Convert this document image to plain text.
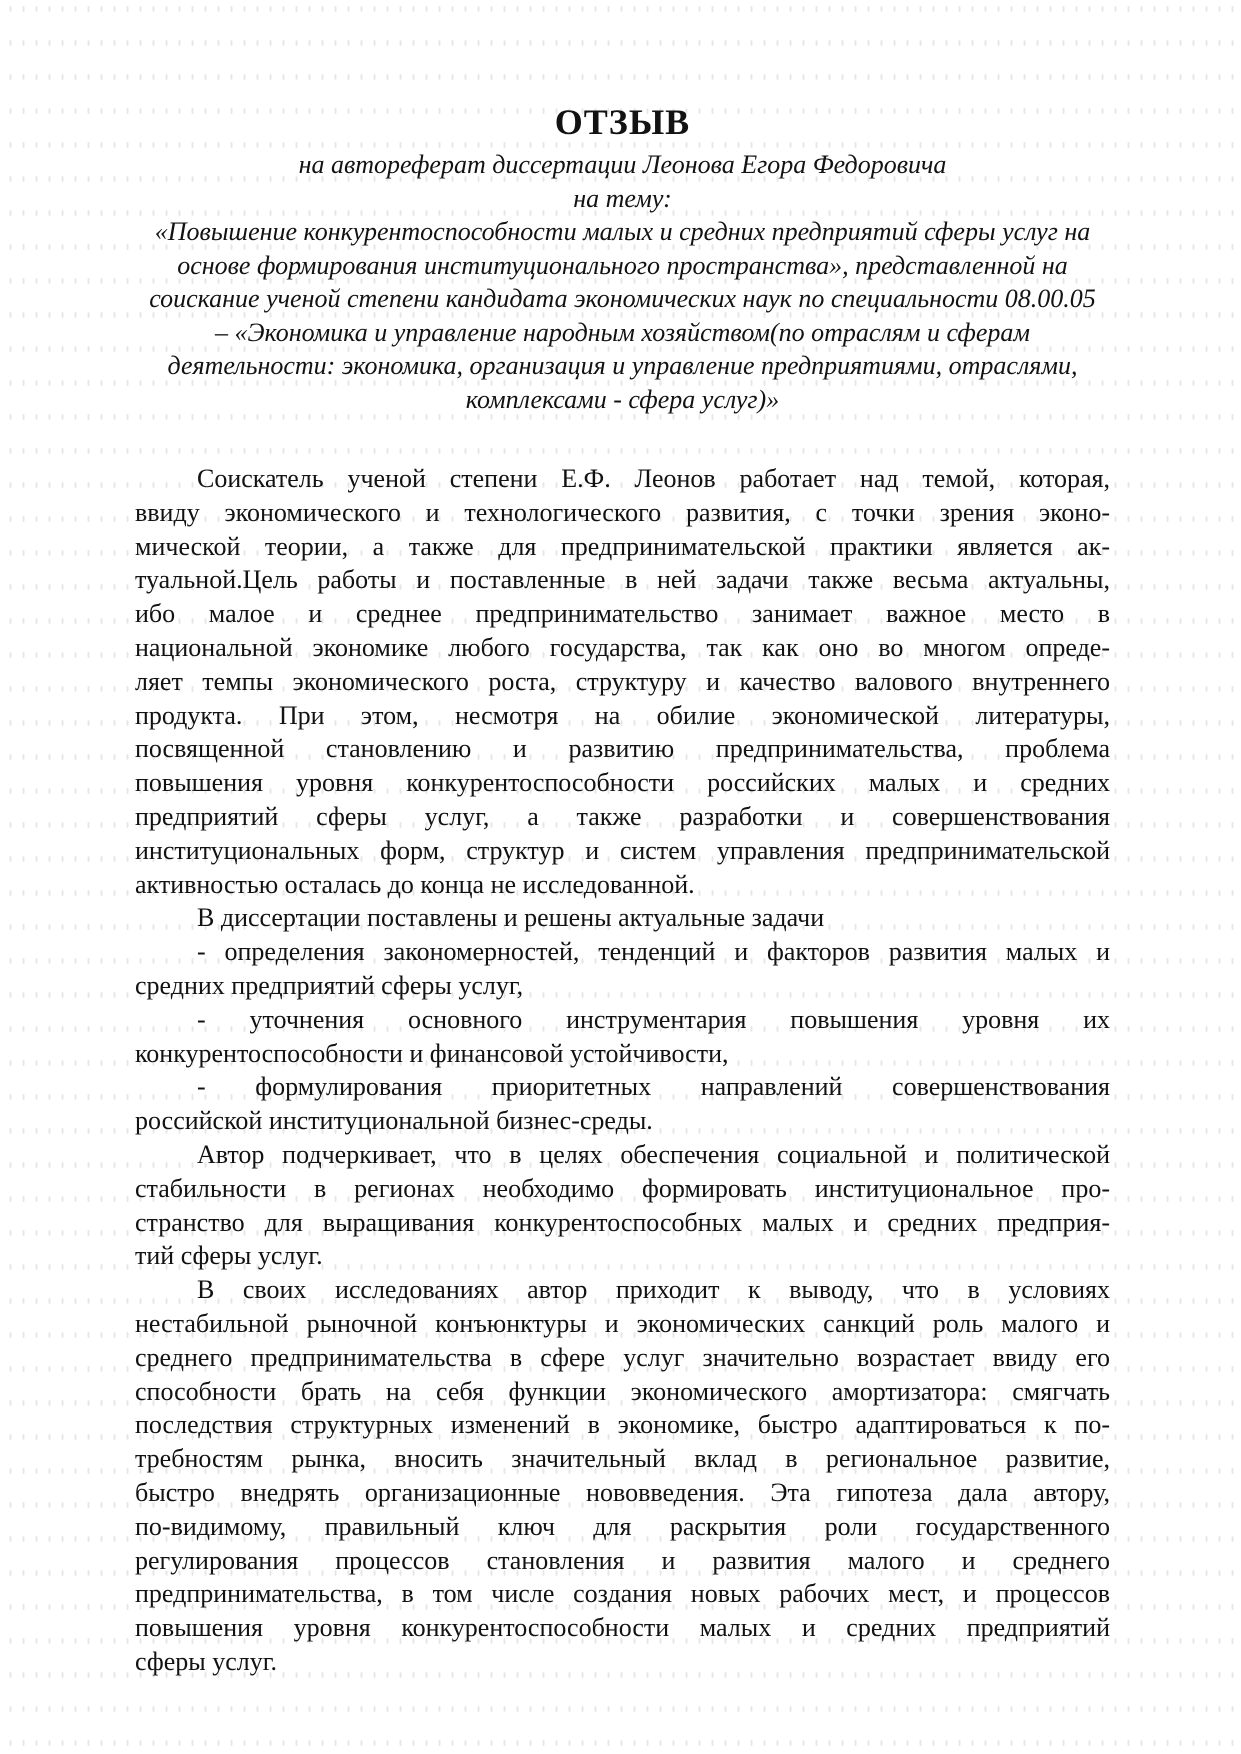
ОТЗЫВ
на автореферат диссертации Леонова Егора Федоровича
на тему:
«Повышение конкурентоспособности малых и средних предприятий сферы услуг на
основе формирования институционального пространства», представленной на
соискание ученой степени кандидата экономических наук по специальности 08.00.05
– «Экономика и управление народным хозяйством(по отраслям и сферам
деятельности: экономика, организация и управление предприятиями, отраслями,
комплексами - сфера услуг)»
Соискатель ученой степени Е.Ф. Леонов работает над темой, которая,
ввиду экономического и технологического развития, с точки зрения эконо-
мической теории, а также для предпринимательской практики является ак-
туальной.Цель работы и поставленные в ней задачи также весьма актуальны,
ибо малое и среднее предпринимательство занимает важное место в
национальной экономике любого государства, так как оно во многом опреде-
ляет темпы экономического роста, структуру и качество валового внутреннего
продукта. При этом, несмотря на обилие экономической литературы,
посвященной становлению и развитию предпринимательства, проблема
повышения уровня конкурентоспособности российских малых и средних
предприятий сферы услуг, а также разработки и совершенствования
институциональных форм, структур и систем управления предпринимательской
активностью осталась до конца не исследованной.
В диссертации поставлены и решены актуальные задачи
- определения закономерностей, тенденций и факторов развития малых и
средних предприятий сферы услуг,
- уточнения основного инструментария повышения уровня их
конкурентоспособности и финансовой устойчивости,
- формулирования приоритетных направлений совершенствования
российской институциональной бизнес-среды.
Автор подчеркивает, что в целях обеспечения социальной и политической
стабильности в регионах необходимо формировать институциональное про-
странство для выращивания конкурентоспособных малых и средних предприя-
тий сферы услуг.
В своих исследованиях автор приходит к выводу, что в условиях
нестабильной рыночной конъюнктуры и экономических санкций роль малого и
среднего предпринимательства в сфере услуг значительно возрастает ввиду его
способности брать на себя функции экономического амортизатора: смягчать
последствия структурных изменений в экономике, быстро адаптироваться к по-
требностям рынка, вносить значительный вклад в региональное развитие,
быстро внедрять организационные нововведения. Эта гипотеза дала автору,
по-видимому, правильный ключ для раскрытия роли государственного
регулирования процессов становления и развития малого и среднего
предпринимательства, в том числе создания новых рабочих мест, и процессов
повышения уровня конкурентоспособности малых и средних предприятий
сферы услуг.
